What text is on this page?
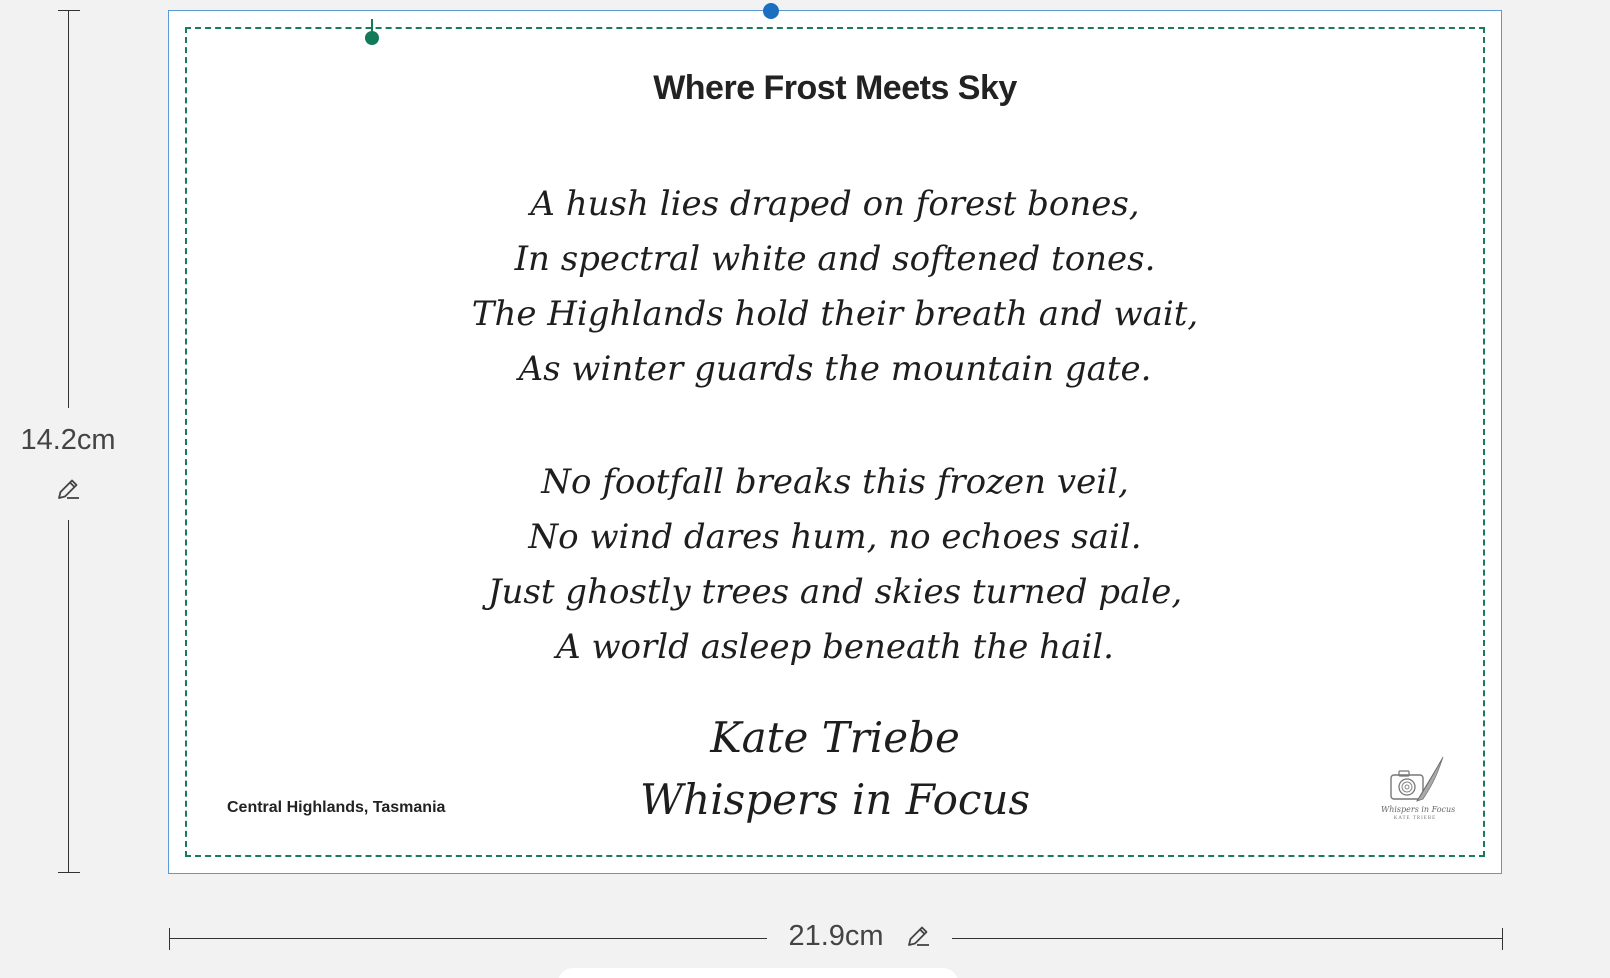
14.2cm
21.9cm
Where Frost Meets Sky
A hush lies draped on forest bones,
In spectral white and softened tones.
The Highlands hold their breath and wait,
As winter guards the mountain gate.
No footfall breaks this frozen veil,
No wind dares hum, no echoes sail.
Just ghostly trees and skies turned pale,
A world asleep beneath the hail.
Kate Triebe
Whispers in Focus
Central Highlands, Tasmania	Whispers in Focus
KATE TRIEBE
